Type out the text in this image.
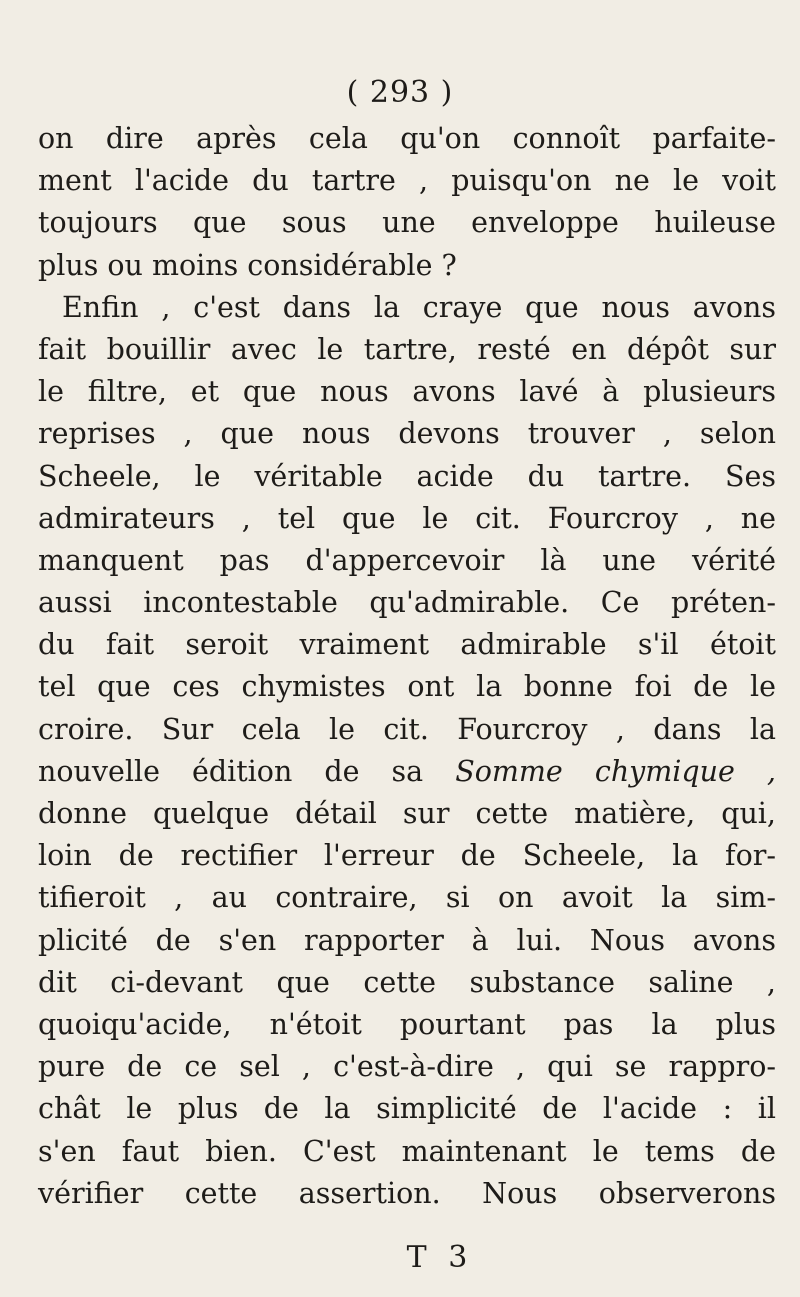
( 293 )
on dire après cela qu'on connoît parfaite-
ment l'acide du tartre , puisqu'on ne le voit
toujours que sous une enveloppe huileuse
plus ou moins considérable ?
Enfin , c'est dans la craye que nous avons
fait bouillir avec le tartre, resté en dépôt sur
le filtre, et que nous avons lavé à plusieurs
reprises , que nous devons trouver , selon
Scheele, le véritable acide du tartre. Ses
admirateurs , tel que le cit. Fourcroy , ne
manquent pas d'appercevoir là une vérité
aussi incontestable qu'admirable. Ce préten-
du fait seroit vraiment admirable s'il étoit
tel que ces chymistes ont la bonne foi de le
croire. Sur cela le cit. Fourcroy , dans la
nouvelle édition de sa Somme chymique ,
donne quelque détail sur cette matière, qui,
loin de rectifier l'erreur de Scheele, la for-
tifieroit , au contraire, si on avoit la sim-
plicité de s'en rapporter à lui. Nous avons
dit ci-devant que cette substance saline ,
quoiqu'acide, n'étoit pourtant pas la plus
pure de ce sel , c'est-à-dire , qui se rappro-
chât le plus de la simplicité de l'acide : il
s'en faut bien. C'est maintenant le tems de
vérifier cette assertion. Nous observerons
T 3
